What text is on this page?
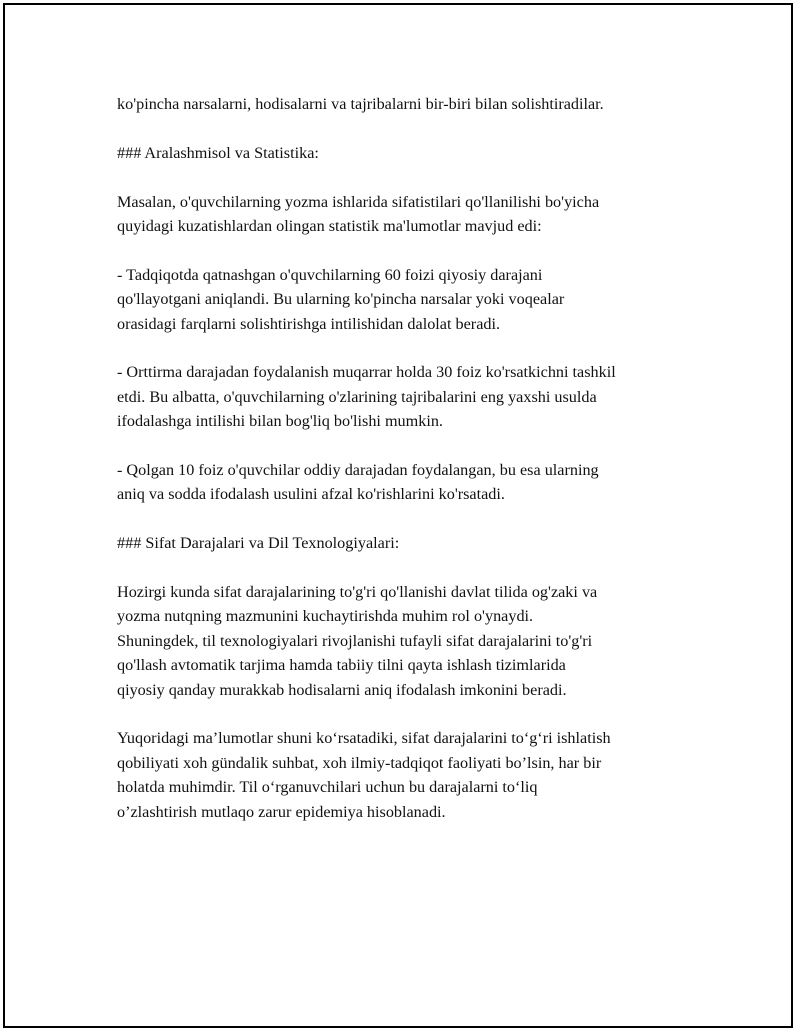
ko'pincha narsalarni, hodisalarni va tajribalarni bir-biri bilan solishtiradilar.

### Aralashmisol va Statistika:

Masalan, o'quvchilarning yozma ishlarida sifatistilari qo'llanilishi bo'yicha
quyidagi kuzatishlardan olingan statistik ma'lumotlar mavjud edi:

- Tadqiqotda qatnashgan o'quvchilarning 60 foizi qiyosiy darajani
qo'llayotgani aniqlandi. Bu ularning ko'pincha narsalar yoki voqealar
orasidagi farqlarni solishtirishga intilishidan dalolat beradi.

- Orttirma darajadan foydalanish muqarrar holda 30 foiz ko'rsatkichni tashkil
etdi. Bu albatta, o'quvchilarning o'zlarining tajribalarini eng yaxshi usulda
ifodalashga intilishi bilan bog'liq bo'lishi mumkin.

- Qolgan 10 foiz o'quvchilar oddiy darajadan foydalangan, bu esa ularning
aniq va sodda ifodalash usulini afzal ko'rishlarini ko'rsatadi.

### Sifat Darajalari va Dil Texnologiyalari:

Hozirgi kunda sifat darajalarining to'g'ri qo'llanishi davlat tilida og'zaki va
yozma nutqning mazmunini kuchaytirishda muhim rol o'ynaydi.
Shuningdek, til texnologiyalari rivojlanishi tufayli sifat darajalarini to'g'ri
qo'llash avtomatik tarjima hamda tabiiy tilni qayta ishlash tizimlarida
qiyosiy qanday murakkab hodisalarni aniq ifodalash imkonini beradi.

Yuqoridagi ma’lumotlar shuni ko‘rsatadiki, sifat darajalarini to‘g‘ri ishlatish
qobiliyati xoh gündalik suhbat, xoh ilmiy-tadqiqot faoliyati bo’lsin, har bir
holatda muhimdir. Til o‘rganuvchilari uchun bu darajalarni to‘liq
o’zlashtirish mutlaqo zarur epidemiya hisoblanadi.
